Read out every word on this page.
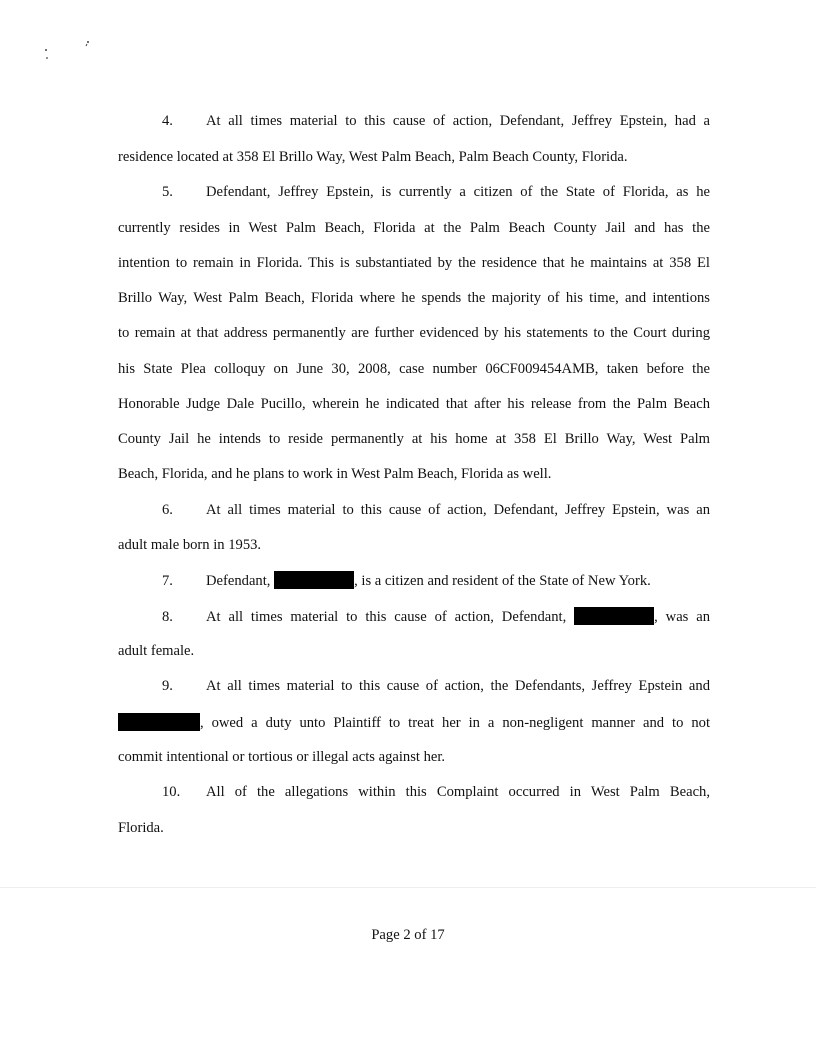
4. At all times material to this cause of action, Defendant, Jeffrey Epstein, had a
residence located at 358 El Brillo Way, West Palm Beach, Palm Beach County, Florida.
5. Defendant, Jeffrey Epstein, is currently a citizen of the State of Florida, as he
currently resides in West Palm Beach, Florida at the Palm Beach County Jail and has the
intention to remain in Florida. This is substantiated by the residence that he maintains at 358 El
Brillo Way, West Palm Beach, Florida where he spends the majority of his time, and intentions
to remain at that address permanently are further evidenced by his statements to the Court during
his State Plea colloquy on June 30, 2008, case number 06CF009454AMB, taken before the
Honorable Judge Dale Pucillo, wherein he indicated that after his release from the Palm Beach
County Jail he intends to reside permanently at his home at 358 El Brillo Way, West Palm
Beach, Florida, and he plans to work in West Palm Beach, Florida as well.
6. At all times material to this cause of action, Defendant, Jeffrey Epstein, was an
adult male born in 1953.
7. Defendant,	, is a citizen and resident of the State of New York.
8. At all times material to this cause of action, Defendant,	, was an
adult female.
9. At all times material to this cause of action, the Defendants, Jeffrey Epstein and
, owed a duty unto Plaintiff to treat her in a non-negligent manner and to not
commit intentional or tortious or illegal acts against her.
10. All of the allegations within this Complaint occurred in West Palm Beach,
Florida.
Page 2 of 17
